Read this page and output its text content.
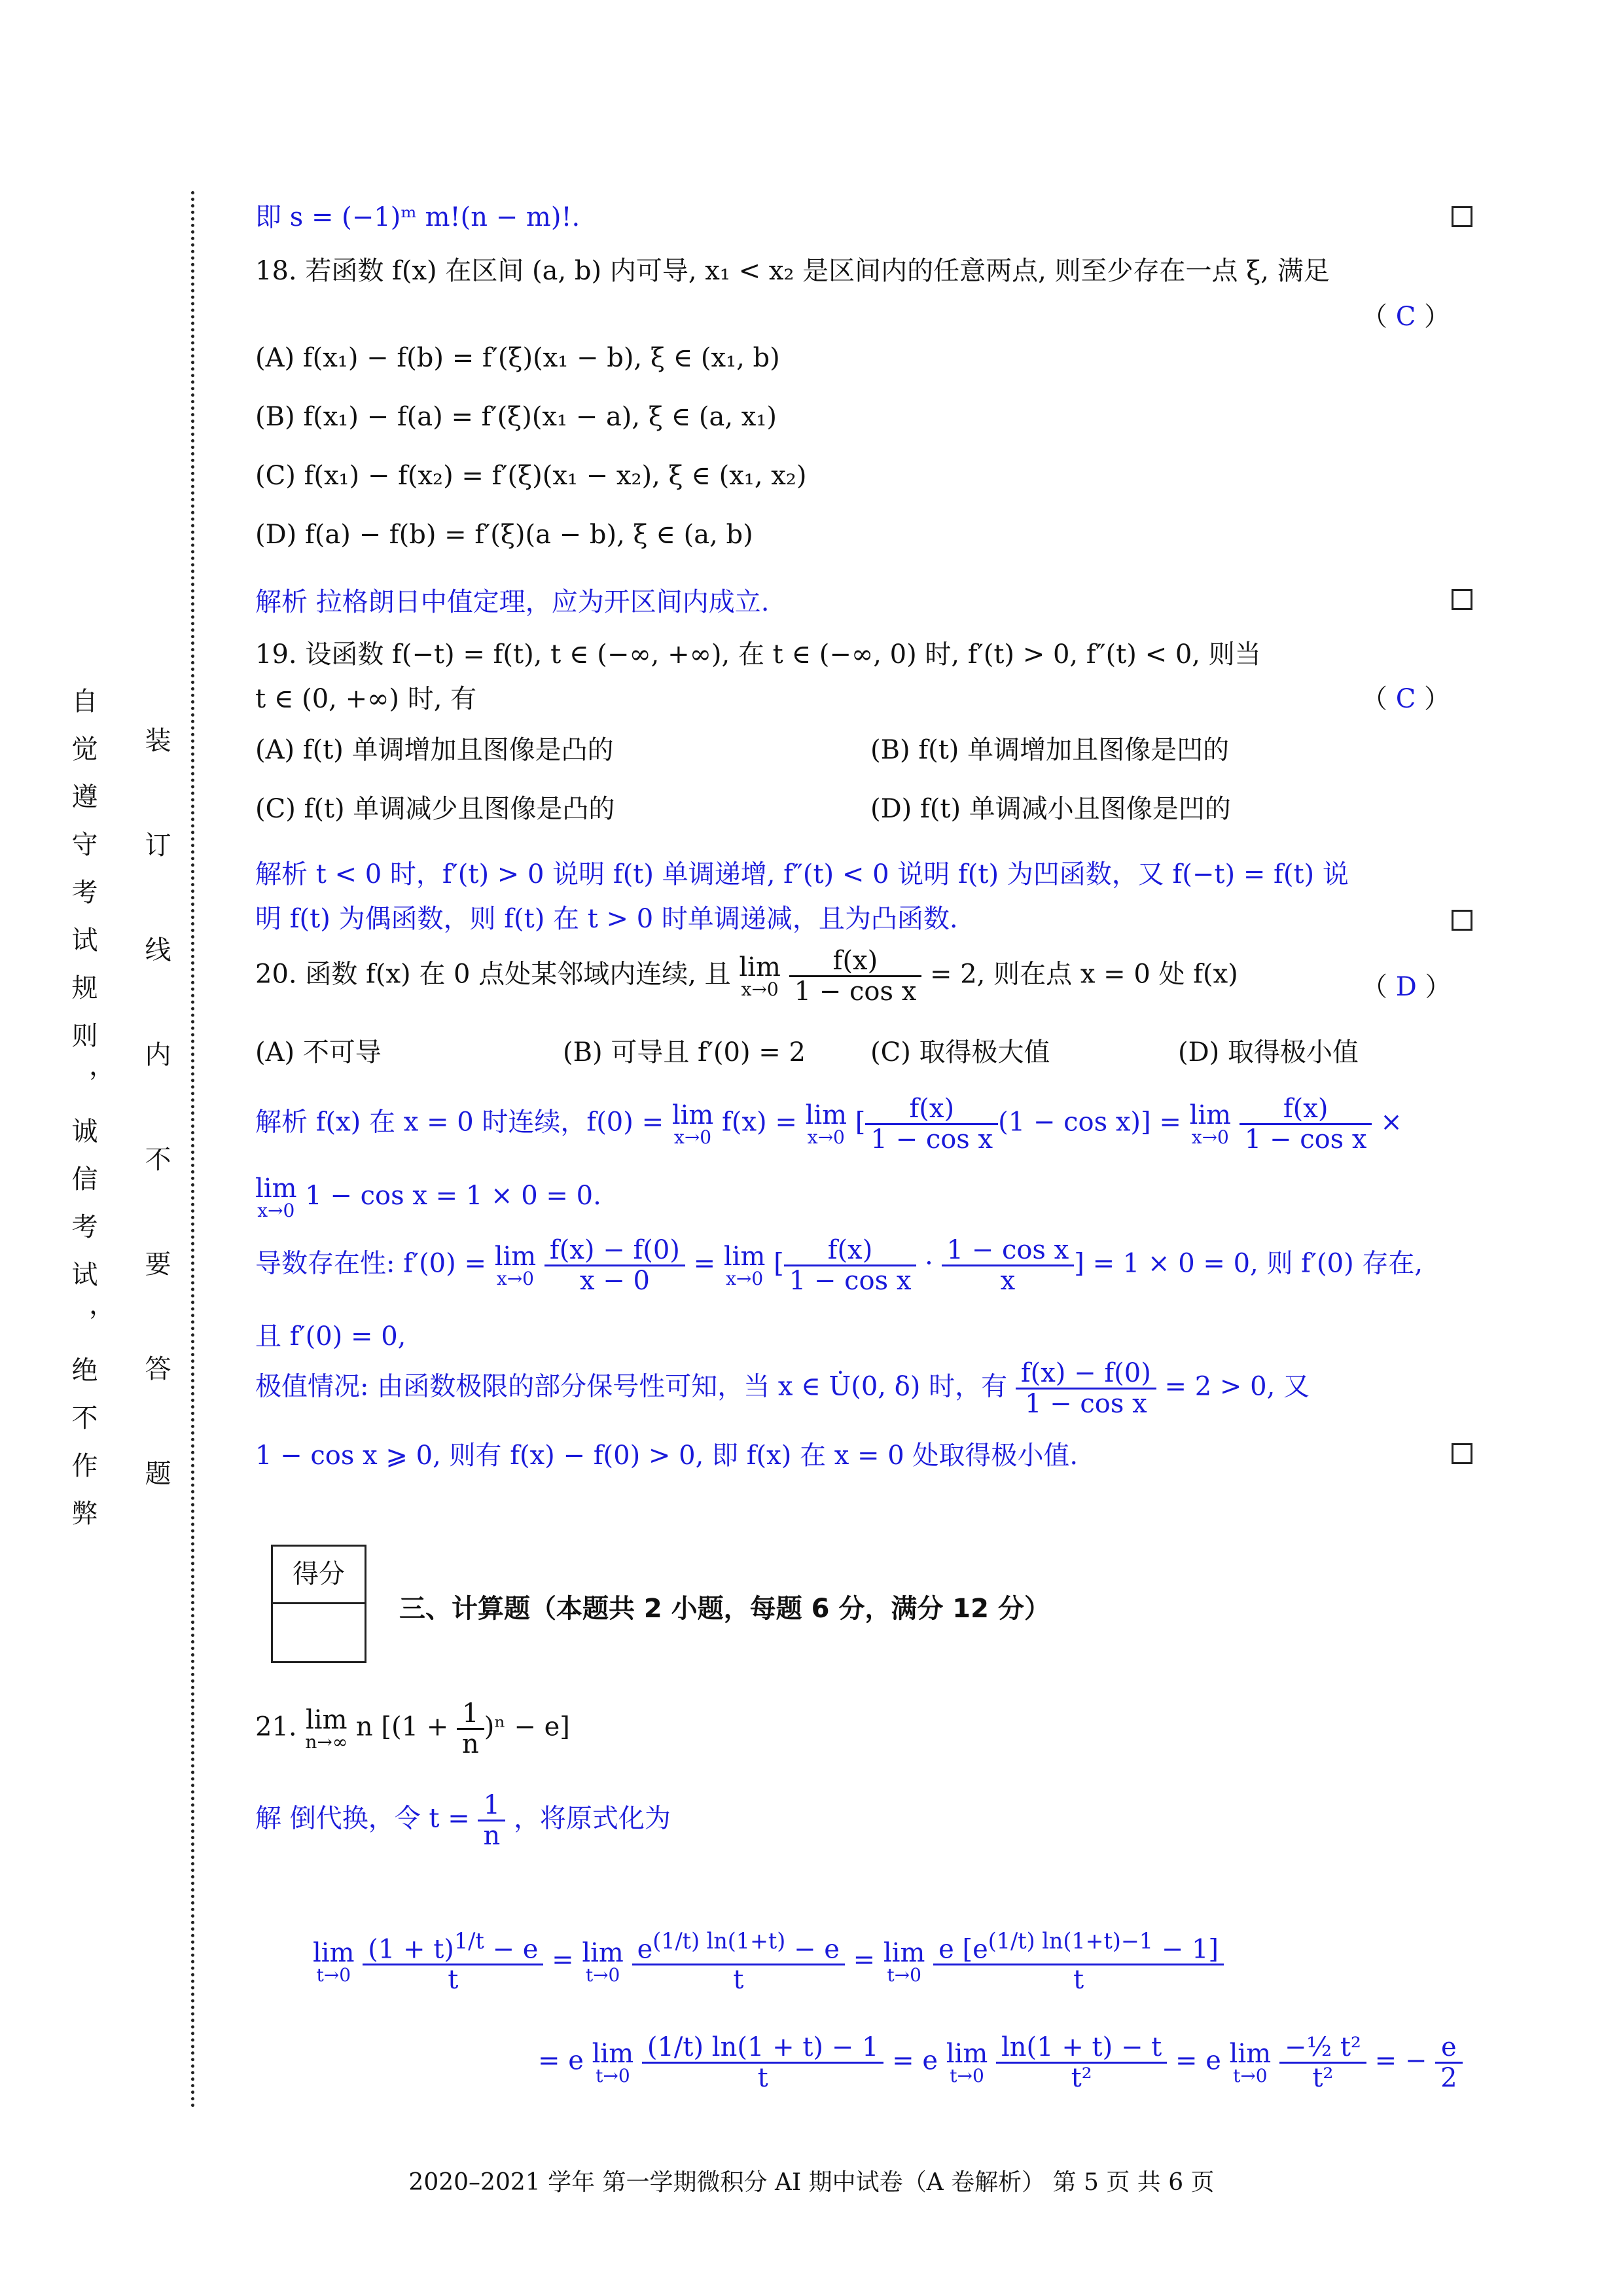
自觉遵守考试规则，诚信考试，绝不作弊 装订线内不要答题
即 s = (−1)ᵐ m!(n − m)!.
18. 若函数 f(x) 在区间 (a, b) 内可导, x₁ < x₂ 是区间内的任意两点, 则至少存在一点 ξ, 满足
（ C ）
(A) f(x₁) − f(b) = f′(ξ)(x₁ − b), ξ ∈ (x₁, b)
(B) f(x₁) − f(a) = f′(ξ)(x₁ − a), ξ ∈ (a, x₁)
(C) f(x₁) − f(x₂) = f′(ξ)(x₁ − x₂), ξ ∈ (x₁, x₂)
(D) f(a) − f(b) = f′(ξ)(a − b), ξ ∈ (a, b)
解析 拉格朗日中值定理，应为开区间内成立.
19. 设函数 f(−t) = f(t), t ∈ (−∞, +∞), 在 t ∈ (−∞, 0) 时, f′(t) > 0, f″(t) < 0, 则当
t ∈ (0, +∞) 时, 有	（ C ）
(A) f(t) 单调增加且图像是凸的	(B) f(t) 单调增加且图像是凹的
(C) f(t) 单调减少且图像是凸的	(D) f(t) 单调减小且图像是凹的
解析 t < 0 时，f′(t) > 0 说明 f(t) 单调递增, f″(t) < 0 说明 f(t) 为凹函数，又 f(−t) = f(t) 说
明 f(t) 为偶函数，则 f(t) 在 t > 0 时单调递减，且为凸函数.
20. 函数 f(x) 在 0 点处某邻域内连续, 且 lim
x→0
$\frac{f(x)}{\text{1 − cos x}} = 2$, 则在点 x = 0 处 f(x)	（ D ）
(A) 不可导	(B) 可导且 f′(0) = 2 (C) 取得极大值	(D) 取得极小值
解析 f(x) 在 x = 0 时连续，f(0) = lim
x→0 f(x) = lim
x→0 [ $\frac{f(x)}{\text{1 − cos x}} (1 - \cos x)] = \lim$
x→0
$\frac{f(x)}{\text{1 − cos x}}$ ×
lim
x→0 1 − cos x = 1 × 0 = 0.
导数存在性: f′(0) = lim
x→0
$\frac{f(x) - f(0)}{x - 0} = \lim$
x→0 [ $\frac{f(x)}{\text{1 − cos x}} \cdot \frac{\text{1 − cos x}}{x}$ ] = 1 × 0 = 0, 则 f′(0) 存在,
且 f′(0) = 0,
极值情况: 由函数极限的部分保号性可知，当 x ∈ U̇(0, δ) 时，有 $\frac{f(x) - f(0)}{\text{1 − cos x}} = 2 > 0$, 又
1 − cos x ⩾ 0, 则有 f(x) − f(0) > 0, 即 f(x) 在 x = 0 处取得极小值.
得分
三、计算题（本题共 2 小题，每题 6 分，满分 12 分）
21. lim
n→∞ n $[(1 + \frac{1}{n} )^n - e]$
解 倒代换，令 $t = \frac{1}{n}$ ，将原式化为
lim
t→0
$\frac{(1 + t)^{1/t} - e}{t} = \lim$
t→0
$\frac{e^{(1/t) ln(1+t)} - e}{t} = \lim$
t→0
$\frac{e [e^{(1/t) ln(1+t)-1} - 1]}{t}$
= e lim
t→0
$\frac{(1/t) \ln(1 + t) - 1}{t} = e$ lim
t→0
$\frac{\ln(1 + t) - t}{\text{t²}} = e$ lim
t→0
$\frac{\text{−½ t²}}{\text{t²}}$ = − $\frac{e}{2}$
2020–2021 学年 第一学期微积分 AI 期中试卷（A 卷解析） 第 5 页 共 6 页
